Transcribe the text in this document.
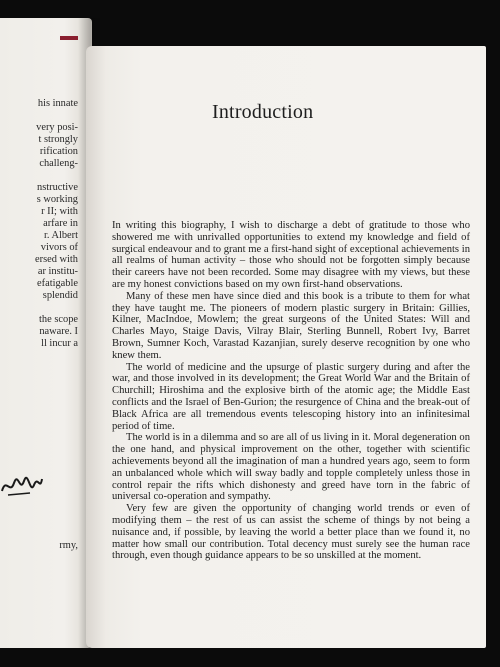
his innate
very posi-
t strongly
rification
challeng-
nstructive
s working
r II; with
arfare in
r. Albert
vivors of
ersed with
ar institu-
efatigable
splendid
the scope
naware. I
ll incur a
rmy,
Introduction

In writing this biography, I wish to discharge a debt of gratitude to those who showered me with unrivalled opportunities to extend my knowledge and field of surgical endeavour and to grant me a first-hand sight of exceptional achievements in all realms of human activity – those who should not be forgotten simply because their careers have not been recorded. Some may disagree with my views, but these are my honest convictions based on my own first-hand observations.

Many of these men have since died and this book is a tribute to them for what they have taught me. The pioneers of modern plastic surgery in Britain: Gillies, Kilner, MacIndoe, Mowlem; the great surgeons of the United States: Will and Charles Mayo, Staige Davis, Vilray Blair, Sterling Bunnell, Robert Ivy, Barret Brown, Sumner Koch, Varastad Kazanjian, surely deserve recognition by one who knew them.

The world of medicine and the upsurge of plastic surgery during and after the war, and those involved in its development; the Great World War and the Britain of Churchill; Hiroshima and the explosive birth of the atomic age; the Middle East conflicts and the Israel of Ben-Gurion; the resurgence of China and the break-out of Black Africa are all tremendous events telescoping history into an infinitesimal period of time.

The world is in a dilemma and so are all of us living in it. Moral degeneration on the one hand, and physical improvement on the other, together with scientific achievements beyond all the imagination of man a hundred years ago, seem to form an unbalanced whole which will sway badly and topple completely unless those in control repair the rifts which dishonesty and greed have torn in the fabric of universal co-operation and sympathy.

Very few are given the opportunity of changing world trends or even of modifying them – the rest of us can assist the scheme of things by not being a nuisance and, if possible, by leaving the world a better place than we found it, no matter how small our contribution. Total decency must surely see the human race through, even though guidance appears to be so unskilled at the moment.
